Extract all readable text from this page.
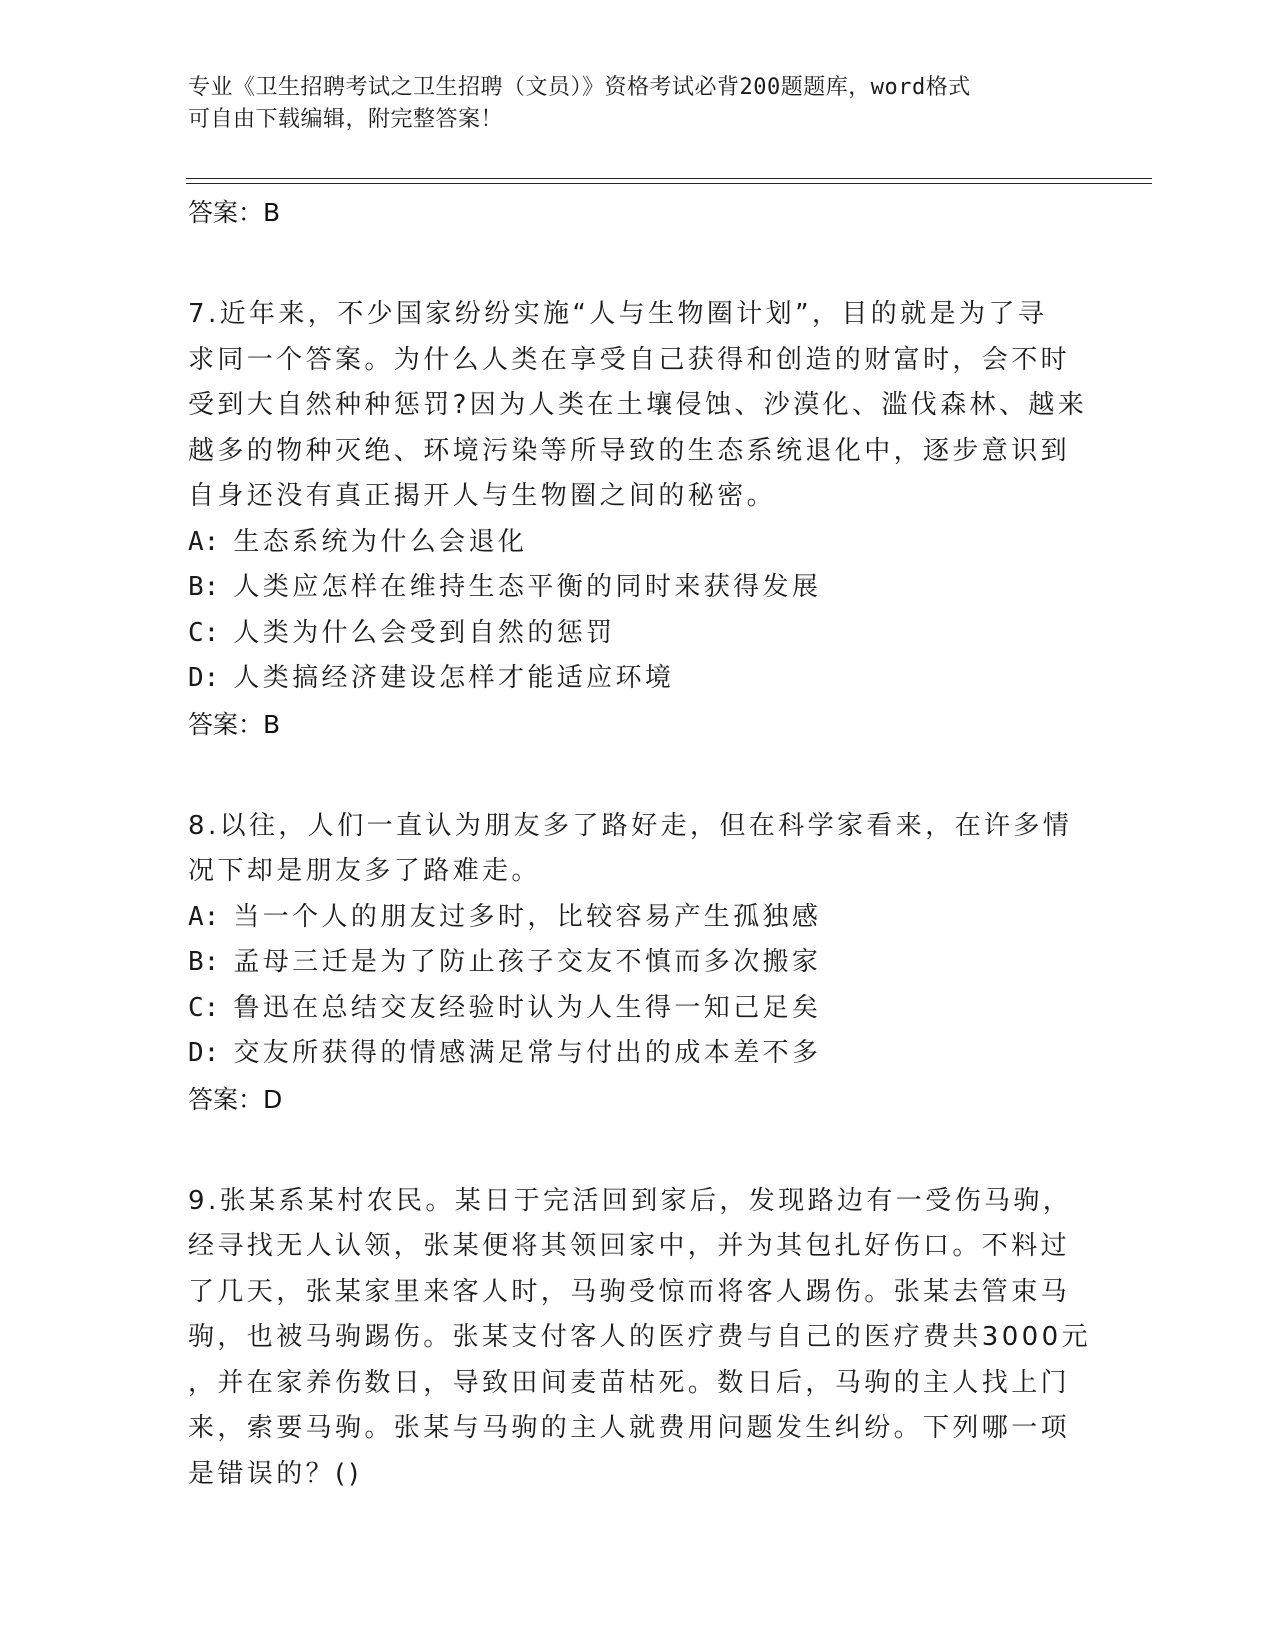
专业《卫生招聘考试之卫生招聘（文员）》资格考试必背200题题库，word格式
可自由下载编辑，附完整答案！
答案：B
7.近年来，不少国家纷纷实施“人与生物圈计划”，目的就是为了寻
求同一个答案。为什么人类在享受自己获得和创造的财富时，会不时
受到大自然种种惩罚?因为人类在土壤侵蚀、沙漠化、滥伐森林、越来
越多的物种灭绝、环境污染等所导致的生态系统退化中，逐步意识到
自身还没有真正揭开人与生物圈之间的秘密。
A: 生态系统为什么会退化
B: 人类应怎样在维持生态平衡的同时来获得发展
C: 人类为什么会受到自然的惩罚
D: 人类搞经济建设怎样才能适应环境
答案：B
8.以往，人们一直认为朋友多了路好走，但在科学家看来，在许多情
况下却是朋友多了路难走。
A: 当一个人的朋友过多时，比较容易产生孤独感
B: 孟母三迁是为了防止孩子交友不慎而多次搬家
C: 鲁迅在总结交友经验时认为人生得一知己足矣
D: 交友所获得的情感满足常与付出的成本差不多
答案：D
9.张某系某村农民。某日于完活回到家后，发现路边有一受伤马驹，
经寻找无人认领，张某便将其领回家中，并为其包扎好伤口。不料过
了几天，张某家里来客人时，马驹受惊而将客人踢伤。张某去管束马
驹，也被马驹踢伤。张某支付客人的医疗费与自己的医疗费共3000元
，并在家养伤数日，导致田间麦苗枯死。数日后，马驹的主人找上门
来，索要马驹。张某与马驹的主人就费用问题发生纠纷。下列哪一项
是错误的？()
